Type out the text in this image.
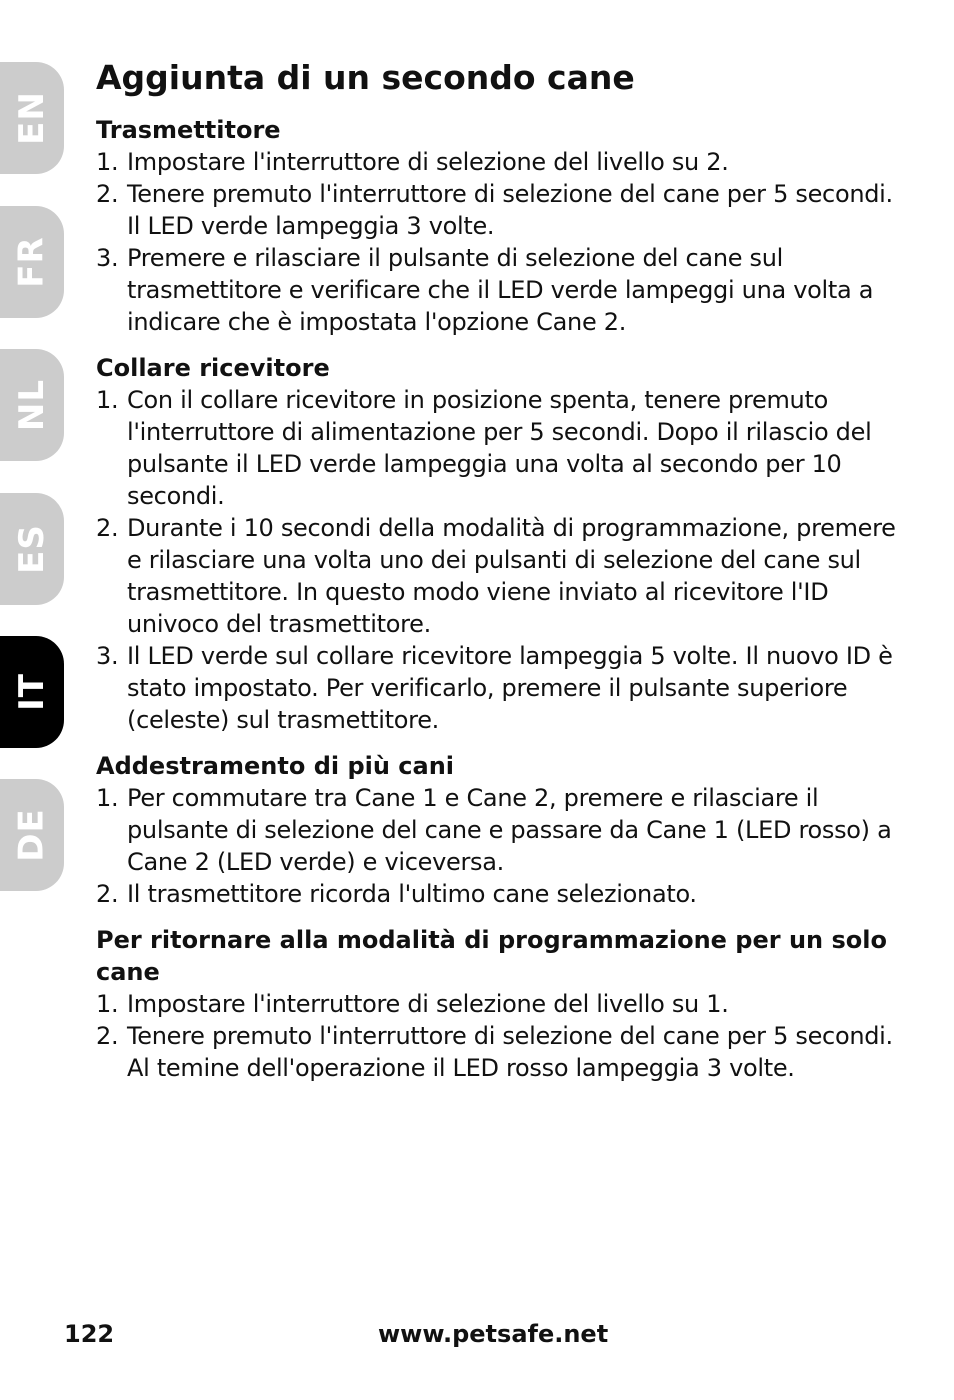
EN
FR
NL
ES
IT
DE
Aggiunta di un secondo cane
Trasmettitore
1. Impostare l'interruttore di selezione del livello su 2.
2. Tenere premuto l'interruttore di selezione del cane per 5 secondi. Il LED verde lampeggia 3 volte.
3. Premere e rilasciare il pulsante di selezione del cane sul trasmettitore e verificare che il LED verde lampeggi una volta a indicare che è impostata l'opzione Cane 2.
Collare ricevitore
1. Con il collare ricevitore in posizione spenta, tenere premuto l'interruttore di alimentazione per 5 secondi. Dopo il rilascio del pulsante il LED verde lampeggia una volta al secondo per 10 secondi.
2. Durante i 10 secondi della modalità di programmazione, premere e rilasciare una volta uno dei pulsanti di selezione del cane sul trasmettitore. In questo modo viene inviato al ricevitore l'ID univoco del trasmettitore.
3. Il LED verde sul collare ricevitore lampeggia 5 volte. Il nuovo ID è stato impostato. Per verificarlo, premere il pulsante superiore (celeste) sul trasmettitore.
Addestramento di più cani
1. Per commutare tra Cane 1 e Cane 2, premere e rilasciare il pulsante di selezione del cane e passare da Cane 1 (LED rosso) a Cane 2 (LED verde) e viceversa.
2. Il trasmettitore ricorda l'ultimo cane selezionato.
Per ritornare alla modalità di programmazione per un solo cane
1. Impostare l'interruttore di selezione del livello su 1.
2. Tenere premuto l'interruttore di selezione del cane per 5 secondi. Al temine dell'operazione il LED rosso lampeggia 3 volte.
122	www.petsafe.net
